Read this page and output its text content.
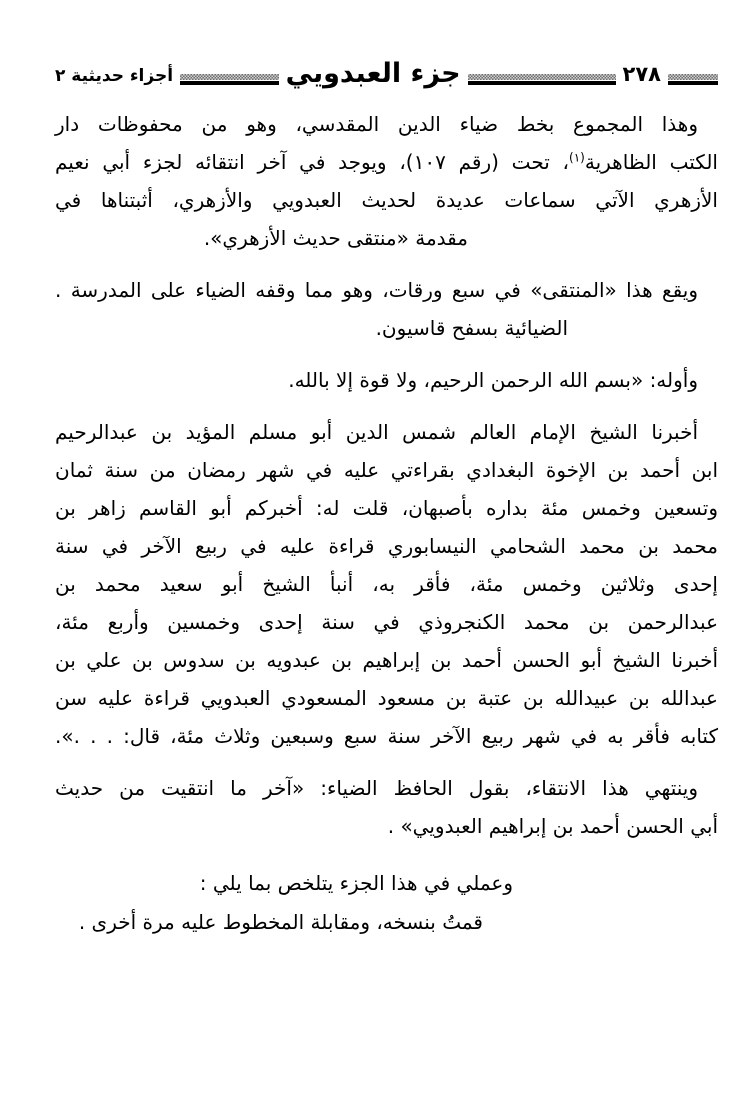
٢٧٨
جزء العبدويي
أجزاء حديثية ٢
وهذا المجموع بخط ضياء الدين المقدسي، وهو من محفوظات دار
الكتب الظاهرية$^{(١)}$، تحت (رقم ١٠٧)، ويوجد في آخر انتقائه لجزء أبي نعيم
الأزهري الآتي سماعات عديدة لحديث العبدويي والأزهري، أثبتناها في
مقدمة «منتقى حديث الأزهري».
ويقع هذا «المنتقى» في سبع ورقات، وهو مما وقفه الضياء على المدرسة .
الضيائية بسفح قاسيون.
وأوله: «بسم الله الرحمن الرحيم، ولا قوة إلا بالله.
أخبرنا الشيخ الإمام العالم شمس الدين أبو مسلم المؤيد بن عبدالرحيم
ابن أحمد بن الإخوة البغدادي بقراءتي عليه في شهر رمضان من سنة ثمان
وتسعين وخمس مئة بداره بأصبهان، قلت له: أخبركم أبو القاسم زاهر بن
محمد بن محمد الشحامي النيسابوري قراءة عليه في ربيع الآخر في سنة
إحدى وثلاثين وخمس مئة، فأقر به، أنبأ الشيخ أبو سعيد محمد بن
عبدالرحمن بن محمد الكنجروذي في سنة إحدى وخمسين وأربع مئة،
أخبرنا الشيخ أبو الحسن أحمد بن إبراهيم بن عبدويه بن سدوس بن علي بن
عبدالله بن عبيدالله بن عتبة بن مسعود المسعودي العبدويي قراءة عليه سن
كتابه فأقر به في شهر ربيع الآخر سنة سبع وسبعين وثلاث مئة، قال: . . .».
وينتهي هذا الانتقاء، بقول الحافظ الضياء: «آخر ما انتقيت من حديث
أبي الحسن أحمد بن إبراهيم العبدويي» .
وعملي في هذا الجزء يتلخص بما يلي :
قمتُ بنسخه، ومقابلة المخطوط عليه مرة أخرى .
